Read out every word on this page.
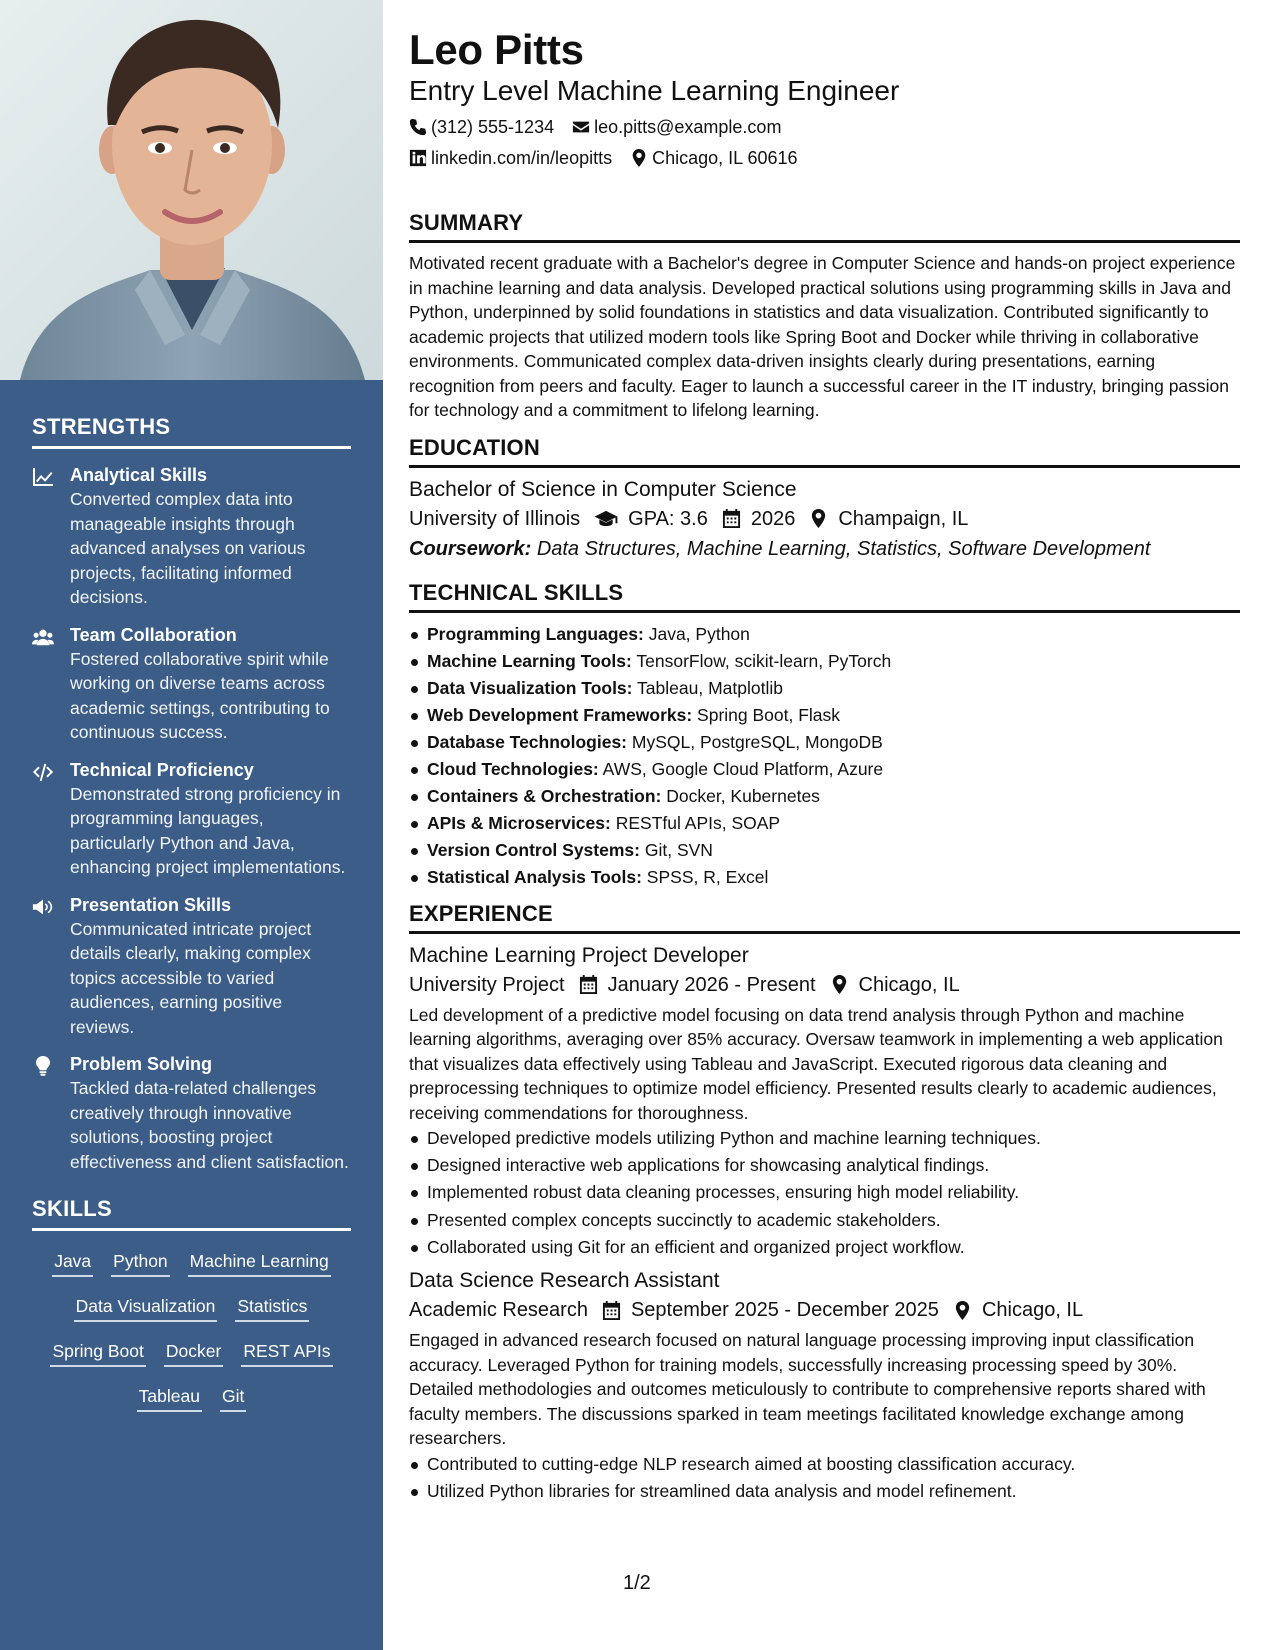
STRENGTHS
Analytical Skills
Converted complex data into manageable insights through advanced analyses on various projects, facilitating informed decisions.
Team Collaboration
Fostered collaborative spirit while working on diverse teams across academic settings, contributing to continuous success.
Technical Proficiency
Demonstrated strong proficiency in programming languages, particularly Python and Java, enhancing project implementations.
Presentation Skills
Communicated intricate project details clearly, making complex topics accessible to varied audiences, earning positive reviews.
Problem Solving
Tackled data-related challenges creatively through innovative solutions, boosting project effectiveness and client satisfaction.
SKILLS
Java Python Machine Learning
Data Visualization Statistics
Spring Boot Docker REST APIs
Tableau Git
Leo Pitts
Entry Level Machine Learning Engineer
(312) 555-1234 leo.pitts@example.com
linkedin.com/in/leopitts Chicago, IL 60616
SUMMARY

Motivated recent graduate with a Bachelor's degree in Computer Science and hands-on project experience in machine learning and data analysis. Developed practical solutions using programming skills in Java and Python, underpinned by solid foundations in statistics and data visualization. Contributed significantly to academic projects that utilized modern tools like Spring Boot and Docker while thriving in collaborative environments. Communicated complex data-driven insights clearly during presentations, earning recognition from peers and faculty. Eager to launch a successful career in the IT industry, bringing passion for technology and a commitment to lifelong learning.

EDUCATION
Bachelor of Science in Computer Science
University of Illinois GPA: 3.6 2026 Champaign, IL
Coursework: Data Structures, Machine Learning, Statistics, Software Development
TECHNICAL SKILLS
Programming Languages: Java, Python
Machine Learning Tools: TensorFlow, scikit-learn, PyTorch
Data Visualization Tools: Tableau, Matplotlib
Web Development Frameworks: Spring Boot, Flask
Database Technologies: MySQL, PostgreSQL, MongoDB
Cloud Technologies: AWS, Google Cloud Platform, Azure
Containers & Orchestration: Docker, Kubernetes
APIs & Microservices: RESTful APIs, SOAP
Version Control Systems: Git, SVN
Statistical Analysis Tools: SPSS, R, Excel
EXPERIENCE
Machine Learning Project Developer
University Project January 2026 - Present Chicago, IL

Led development of a predictive model focusing on data trend analysis through Python and machine learning algorithms, averaging over 85% accuracy. Oversaw teamwork in implementing a web application that visualizes data effectively using Tableau and JavaScript. Executed rigorous data cleaning and preprocessing techniques to optimize model efficiency. Presented results clearly to academic audiences, receiving commendations for thoroughness.

Developed predictive models utilizing Python and machine learning techniques.
Designed interactive web applications for showcasing analytical findings.
Implemented robust data cleaning processes, ensuring high model reliability.
Presented complex concepts succinctly to academic stakeholders.
Collaborated using Git for an efficient and organized project workflow.
Data Science Research Assistant
Academic Research September 2025 - December 2025 Chicago, IL

Engaged in advanced research focused on natural language processing improving input classification accuracy. Leveraged Python for training models, successfully increasing processing speed by 30%. Detailed methodologies and outcomes meticulously to contribute to comprehensive reports shared with faculty members. The discussions sparked in team meetings facilitated knowledge exchange among researchers.

Contributed to cutting-edge NLP research aimed at boosting classification accuracy.
Utilized Python libraries for streamlined data analysis and model refinement.
1/2
